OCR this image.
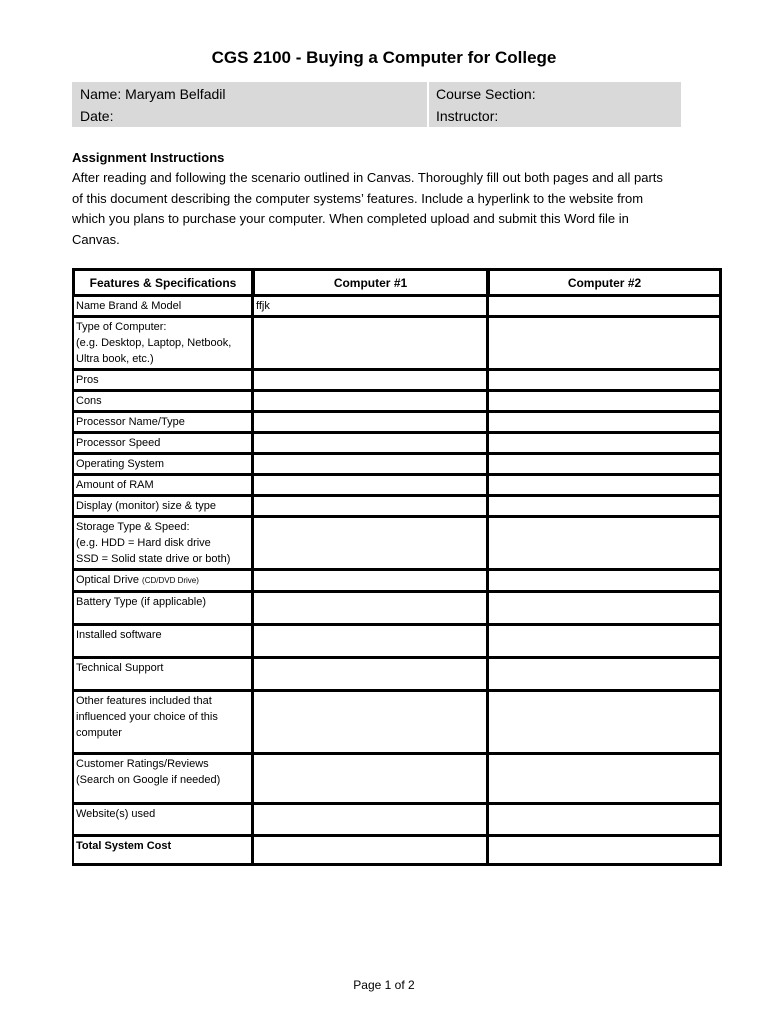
CGS 2100 - Buying a Computer for College
Name: Maryam Belfadil
Date:
Course Section:
Instructor:
Assignment Instructions
After reading and following the scenario outlined in Canvas. Thoroughly fill out both pages and all parts of this document describing the computer systems’ features. Include a hyperlink to the website from which you plans to purchase your computer. When completed upload and submit this Word file in Canvas.
Features & Specifications	Computer #1	Computer #2
Name Brand & Model	ffjk	

Type of Computer:
(e.g. Desktop, Laptop, Netbook,
Ultra book, etc.)		

Pros		
Cons		
Processor Name/Type		
Processor Speed		
Operating System		
Amount of RAM		
Display (monitor) size & type		

Storage Type & Speed:
(e.g. HDD = Hard disk drive
SSD = Solid state drive or both)		

Optical Drive (CD/DVD Drive)		
Battery Type (if applicable)		
Installed software		
Technical Support		

Other features included that
influenced your choice of this
computer		

Customer Ratings/Reviews
(Search on Google if needed)		

Website(s) used		
Total System Cost		
Page 1 of 2
